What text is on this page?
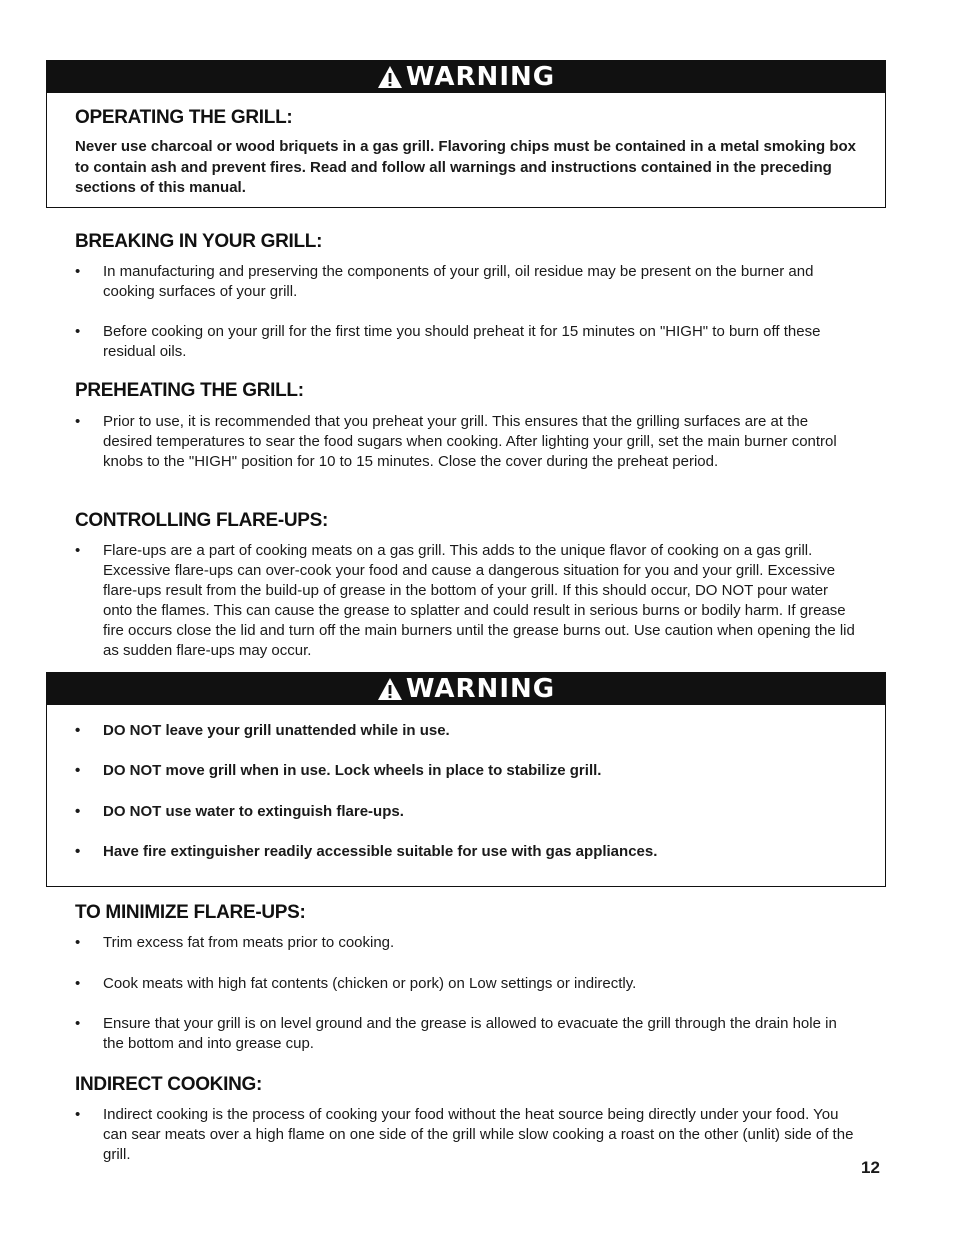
WARNING
OPERATING THE GRILL:

Never use charcoal or wood briquets in a gas grill. Flavoring chips must be contained in a metal smoking box to contain ash and prevent fires. Read and follow all warnings and instructions contained in the preceding sections of this manual.

BREAKING IN YOUR GRILL:
• In manufacturing and preserving the components of your grill, oil residue may be present on the burner and cooking surfaces of your grill.
• Before cooking on your grill for the first time you should preheat it for 15 minutes on "HIGH" to burn off these residual oils.
PREHEATING THE GRILL:
• Prior to use, it is recommended that you preheat your grill. This ensures that the grilling surfaces are at the desired temperatures to sear the food sugars when cooking. After lighting your grill, set the main burner control knobs to the "HIGH" position for 10 to 15 minutes. Close the cover during the preheat period.
CONTROLLING FLARE-UPS:
• Flare-ups are a part of cooking meats on a gas grill. This adds to the unique flavor of cooking on a gas grill. Excessive flare-ups can over-cook your food and cause a dangerous situation for you and your grill. Excessive flare-ups result from the build-up of grease in the bottom of your grill. If this should occur, DO NOT pour water onto the flames. This can cause the grease to splatter and could result in serious burns or bodily harm. If grease fire occurs close the lid and turn off the main burners until the grease burns out. Use caution when opening the lid as sudden flare-ups may occur.
WARNING
• DO NOT leave your grill unattended while in use.
• DO NOT move grill when in use. Lock wheels in place to stabilize grill.
• DO NOT use water to extinguish flare-ups.
• Have fire extinguisher readily accessible suitable for use with gas appliances.
TO MINIMIZE FLARE-UPS:
• Trim excess fat from meats prior to cooking.
• Cook meats with high fat contents (chicken or pork) on Low settings or indirectly.
• Ensure that your grill is on level ground and the grease is allowed to evacuate the grill through the drain hole in the bottom and into grease cup.
INDIRECT COOKING:
• Indirect cooking is the process of cooking your food without the heat source being directly under your food. You can sear meats over a high flame on one side of the grill while slow cooking a roast on the other (unlit) side of the grill.
12
